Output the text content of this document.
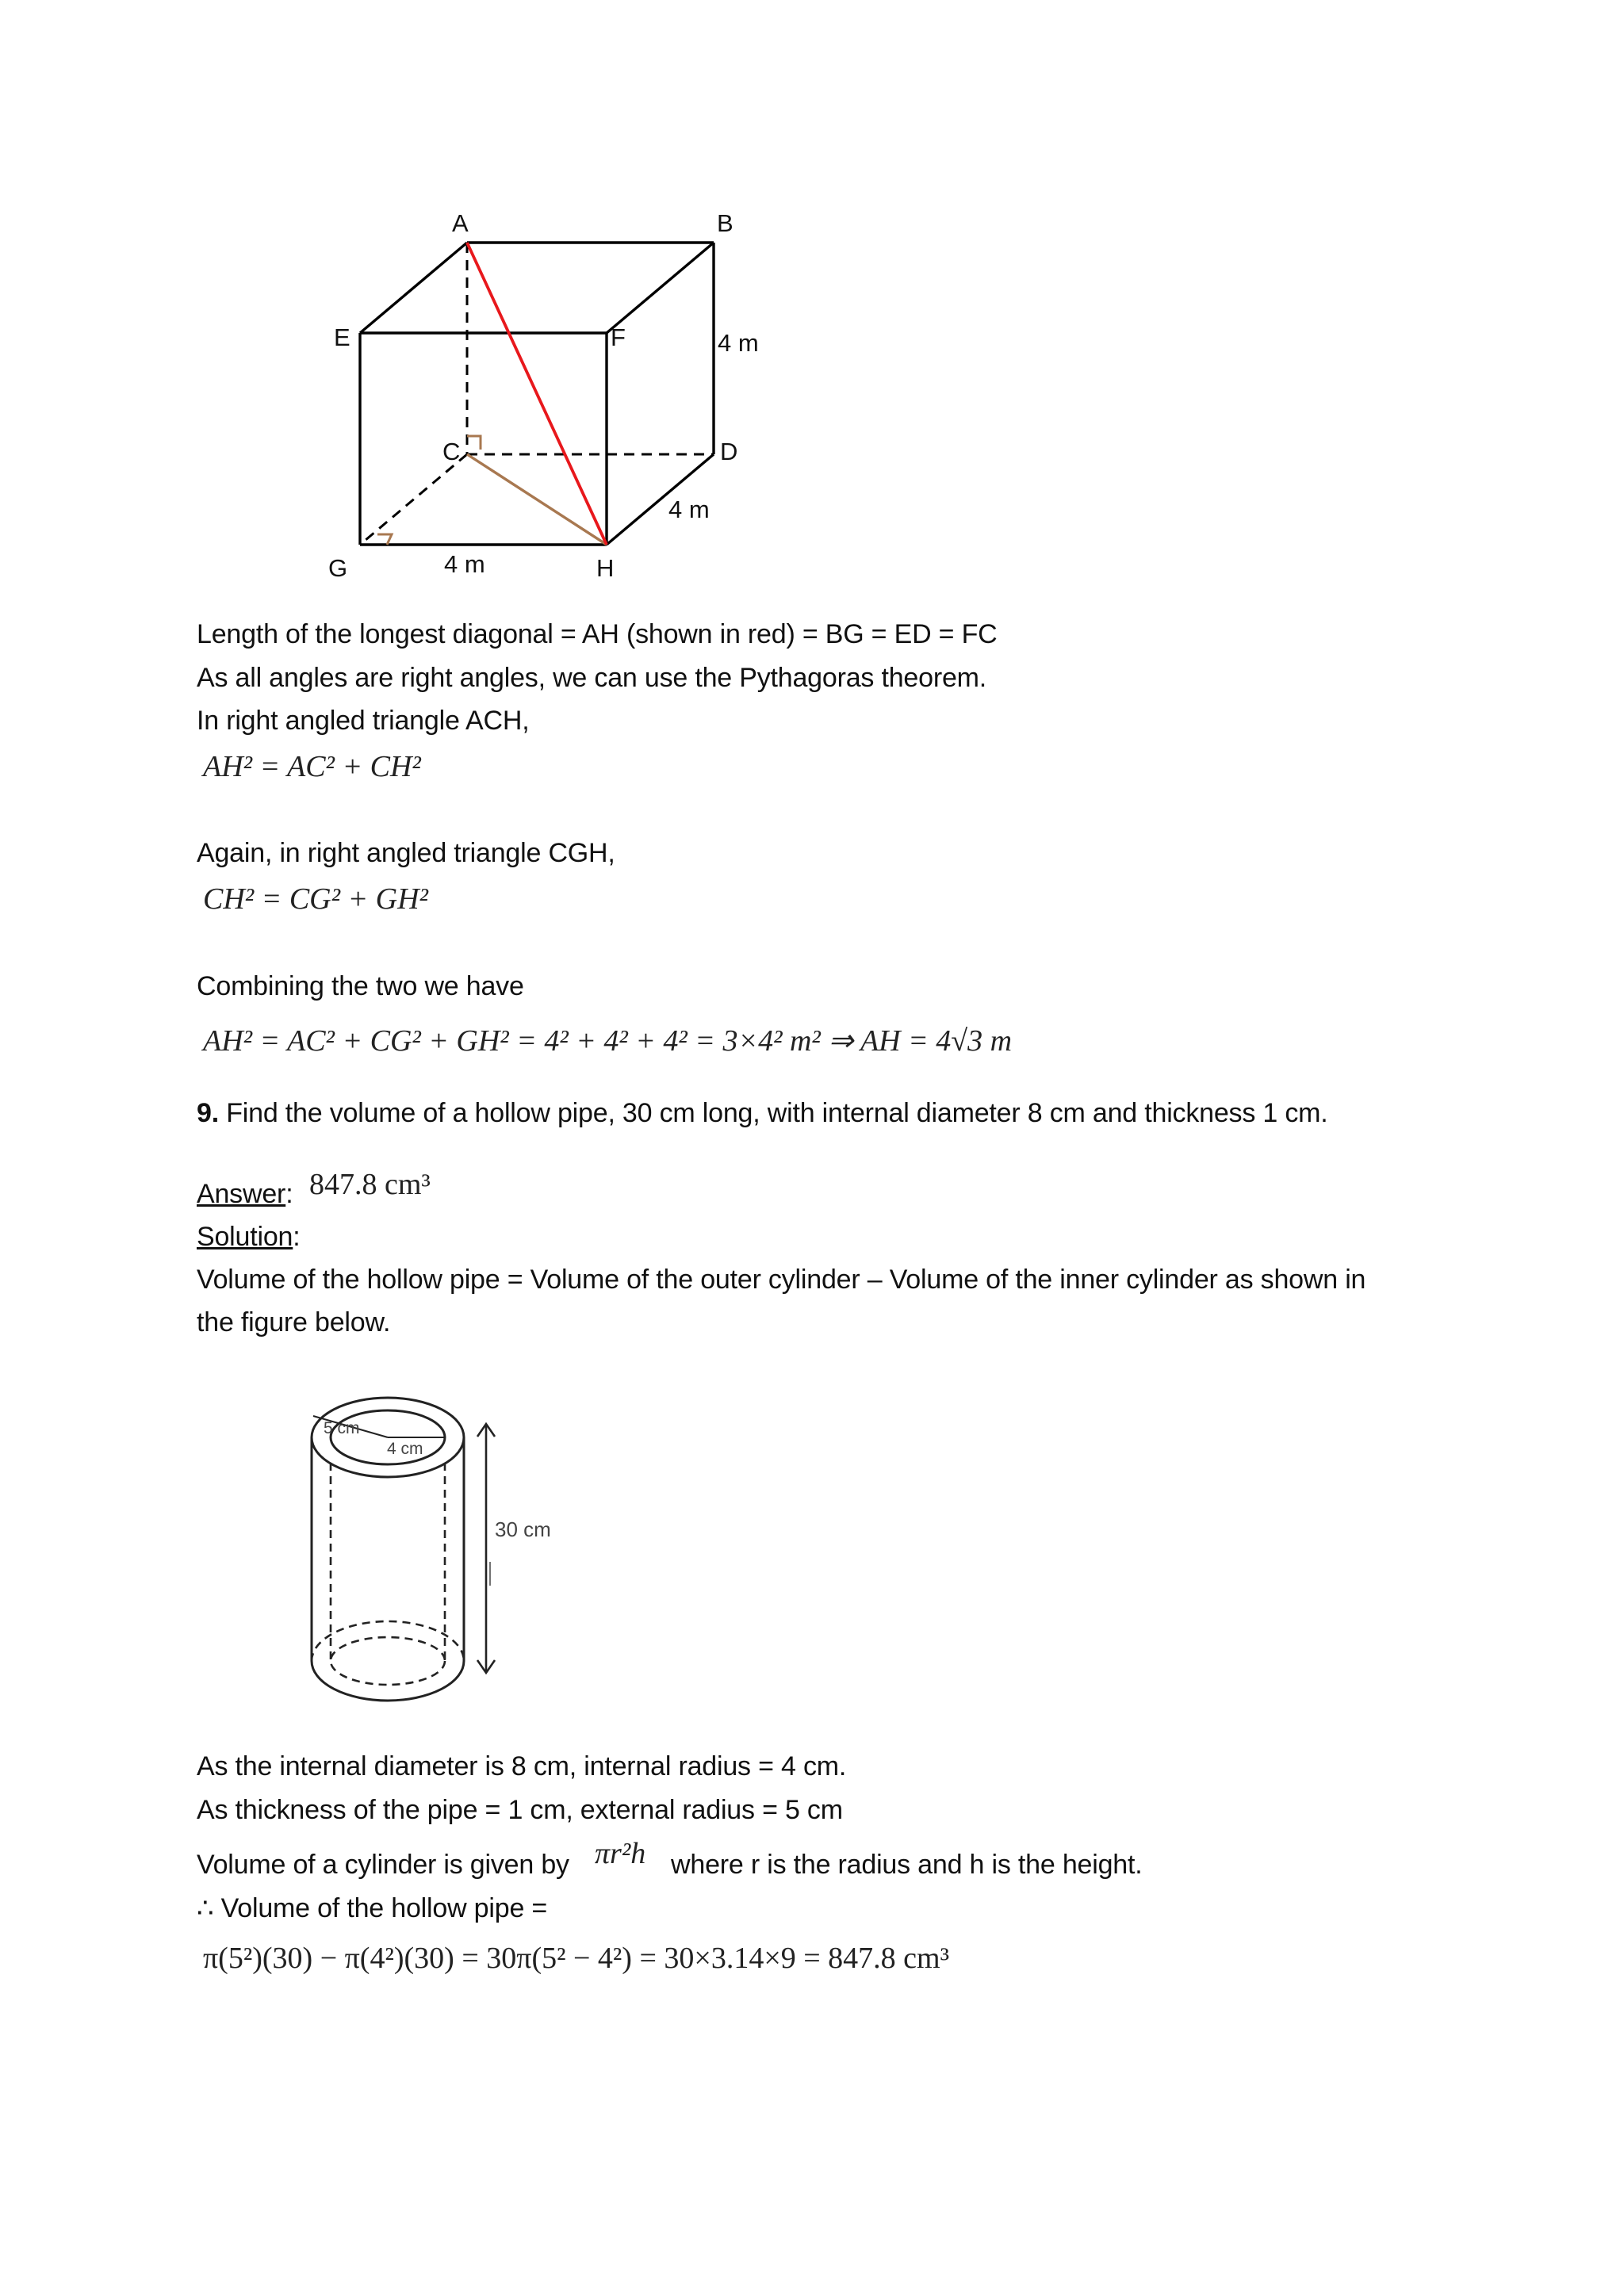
A	B
E	F
C	D
G	H
4 m
4 m
4 m
Length of the longest diagonal = AH (shown in red) = BG = ED = FC
As all angles are right angles, we can use the Pythagoras theorem.
In right angled triangle ACH,
AH² = AC² + CH²
Again, in right angled triangle CGH,
CH² = CG² + GH²
Combining the two we have
AH² = AC² + CG² + GH² = 4² + 4² + 4² = 3×4² m² ⇒ AH = 4√3 m
9. Find the volume of a hollow pipe, 30 cm long, with internal diameter 8 cm and thickness 1 cm.
Answer: 847.8 cm³
Solution:
Volume of the hollow pipe = Volume of the outer cylinder – Volume of the inner cylinder as shown in
the figure below.
5 cm
4 cm
30 cm
As the internal diameter is 8 cm, internal radius = 4 cm.
As thickness of the pipe = 1 cm, external radius = 5 cm
Volume of a cylinder is given by πr²h where r is the radius and h is the height.
∴ Volume of the hollow pipe =
π(5²)(30) − π(4²)(30) = 30π(5² − 4²) = 30×3.14×9 = 847.8 cm³
